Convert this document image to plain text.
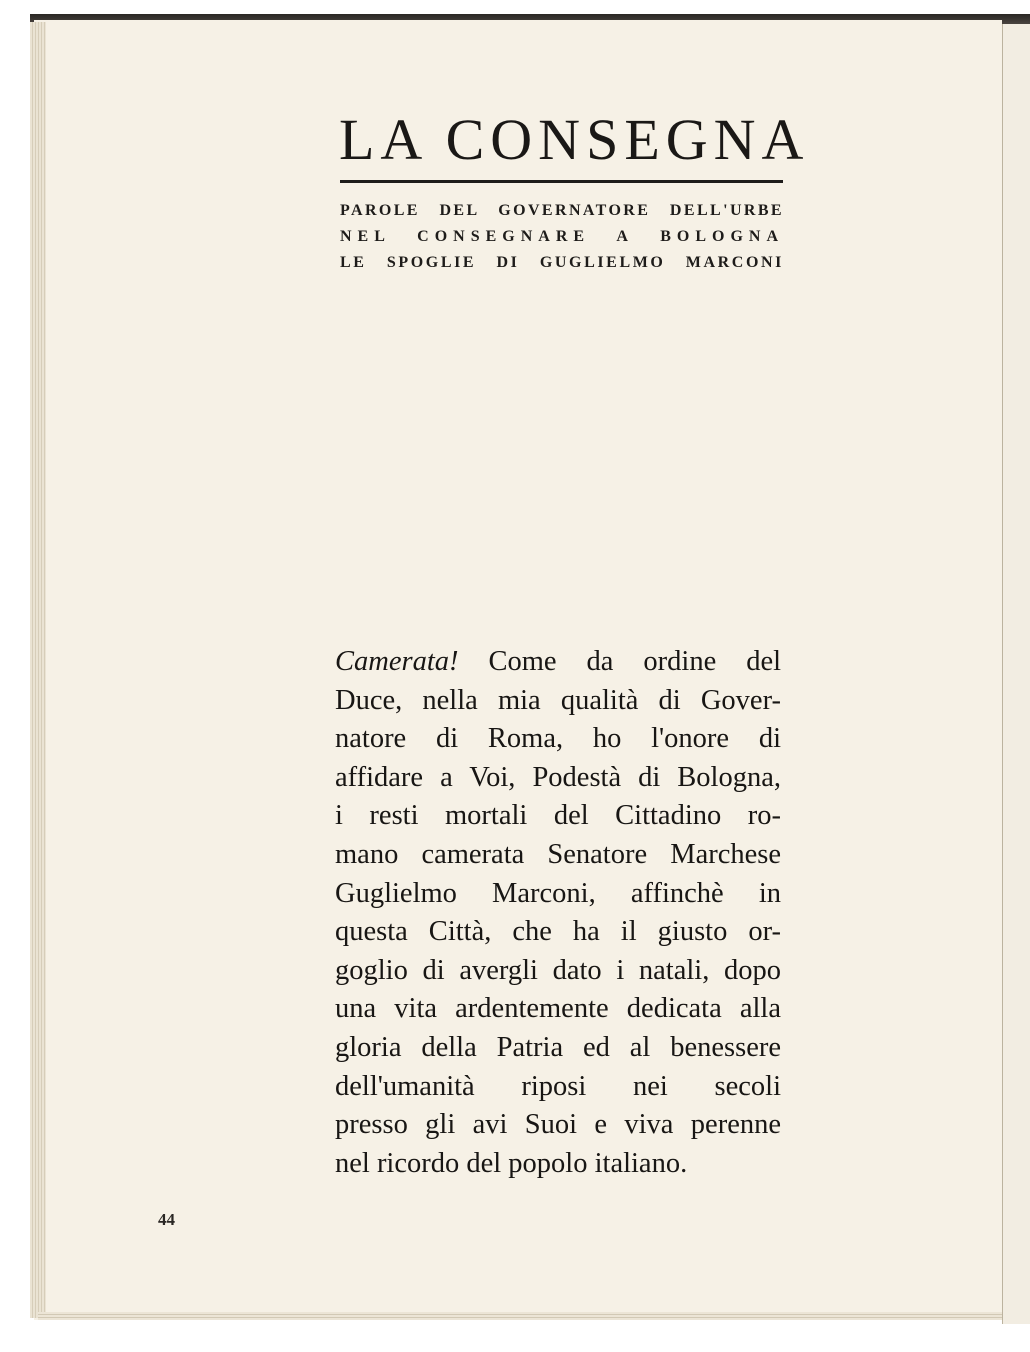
LA CONSEGNA
PAROLE DEL GOVERNATORE DELL'URBE
NEL CONSEGNARE A BOLOGNA
LE SPOGLIE DI GUGLIELMO MARCONI
Camerata! Come da ordine del
Duce, nella mia qualità di Gover-
natore di Roma, ho l'onore di
affidare a Voi, Podestà di Bologna,
i resti mortali del Cittadino ro-
mano camerata Senatore Marchese
Guglielmo Marconi, affinchè in
questa Città, che ha il giusto or-
goglio di avergli dato i natali, dopo
una vita ardentemente dedicata alla
gloria della Patria ed al benessere
dell'umanità riposi nei secoli
presso gli avi Suoi e viva perenne
nel ricordo del popolo italiano.
44
